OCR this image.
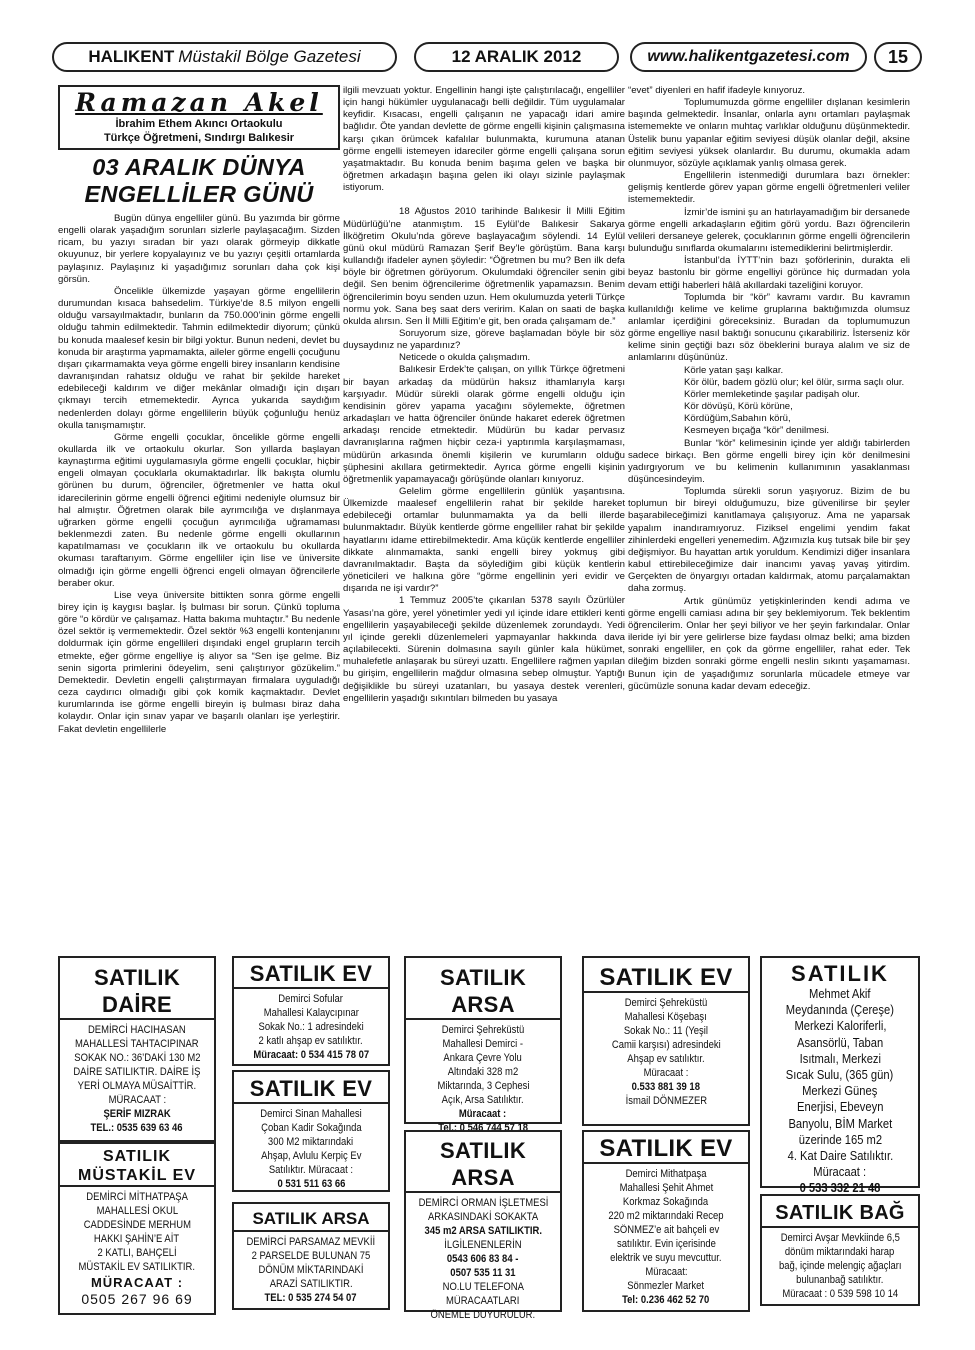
HALIKENT Müstakil Bölge Gazetesi	12 ARALIK 2012	www.halikentgazetesi.com	15
Ramazan Akel
İbrahim Ethem Akıncı Ortaokulu
Türkçe Öğretmeni, Sındırgı Balıkesir
03 ARALIK DÜNYA
ENGELLİLER GÜNÜ

Bugün dünya engelliler günü. Bu yazımda bir görme engelli olarak yaşadığım sorunları sizlerle paylaşacağım. Sizden ricam, bu yazıyı sıradan bir yazı olarak görmeyip dikkatle okuyunuz, bir yerlere kopyalayınız ve bu yazıyı çeşitli ortamlarda paylaşınız. Paylaşınız ki yaşadığımız sorunları daha çok kişi görsün.

Öncelikle ülkemizde yaşayan görme engellilerin durumundan kısaca bahsedelim. Türkiye’de 8.5 milyon engelli olduğu varsayılmaktadır, bunların da 750.000’inin görme engelli olduğu tahmin edilmektedir. Tahmin edilmektedir diyorum; çünkü bu konuda maalesef kesin bir bilgi yoktur. Bunun nedeni, devlet bu konuda bir araştırma yapmamakta, aileler görme engelli çocuğunu dışarı çıkarmamakta veya görme engelli birey insanların kendisine davranışından rahatsız olduğu ve rahat bir şekilde hareket edebileceği kaldırım ve diğer mekânlar olmadığı için dışarı çıkmayı tercih etmemektedir. Ayrıca yukarıda saydığım nedenlerden dolayı görme engellilerin büyük çoğunluğu henüz okulla tanışmamıştır.

Görme engelli çocuklar, öncelikle görme engelli okullarda ilk ve ortaokulu okurlar. Son yıllarda başlayan kaynaştırma eğitimi uygulamasıyla görme engelli çocuklar, hiçbir engeli olmayan çocuklarla okumaktadırlar. İlk bakışta olumlu görünen bu durum, öğrenciler, öğretmenler ve hatta okul idarecilerinin görme engelli öğrenci eğitimi nedeniyle olumsuz bir hal almıştır. Öğretmen olarak bile ayrımcılığa ve dışlanmaya uğrarken görme engelli çocuğun ayrımcılığa uğramaması beklenmezdi zaten. Bu nedenle görme engelli okullarının kapatılmaması ve çocukların ilk ve ortaokulu bu okullarda okuması taraftarıyım. Görme engelliler için lise ve üniversite olmadığı için görme engelli öğrenci engeli olmayan öğrencilerle beraber okur.

Lise veya üniversite bittikten sonra görme engelli birey için iş kaygısı başlar. İş bulması bir sorun. Çünkü topluma göre “o kördür ve çalışamaz. Hatta bakıma muhtaçtır.” Bu nedenle özel sektör iş vermemektedir. Özel sektör %3 engelli kontenjanını doldurmak için görme engellileri dışındaki engel grupların tercih etmekte, eğer görme engelliye iş alıyor sa “Sen işe gelme. Biz senin sigorta primlerini ödeyelim, seni çalıştırıyor gözükelim.” Demektedir. Devletin engelli çalıştırmayan firmalara uyguladığı ceza caydırıcı olmadığı gibi çok komik kaçmaktadır. Devlet kurumlarında ise görme engelli bireyin iş bulması biraz daha kolaydır. Onlar için sınav yapar ve başarılı olanları işe yerleştirir. Fakat devletin engellilerle

ilgili mevzuatı yoktur. Engellinin hangi işte çalıştırılacağı, engelliler için hangi hükümler uygulanacağı belli değildir. Tüm uygulamalar keyfidir. Kısacası, engelli çalışanın ne yapacağı idari amire bağlıdır. Öte yandan devlette de görme engelli kişinin çalışmasına karşı çıkan örümcek kafalılar bulunmakta, kurumuna atanan görme engelli istemeyen idareciler görme engelli çalışana sorun yaşatmaktadır. Bu konuda benim başıma gelen ve başka bir öğretmen arkadaşın başına gelen iki olayı sizinle paylaşmak istiyorum.

18 Ağustos 2010 tarihinde Balıkesir İl Milli Eğitim Müdürlüğü’ne atanmıştım. 15 Eylül’de Balıkesir Sakarya İlköğretim Okulu’nda göreve başlayacağım söylendi. 14 Eylül günü okul müdürü Ramazan Şerif Bey’le görüştüm. Bana karşı kullandığı ifadeler aynen şöyledir: “Öğretmen bu mu? Ben ilk defa böyle bir öğretmen görüyorum. Okulumdaki öğrenciler senin gibi değil. Sen benim öğrencilerime öğretmenlik yapamazsın. Benim öğrencilerimin boyu senden uzun. Hem okulumuzda yeterli Türkçe normu yok. Sana beş saat ders veririm. Kalan on saati de başka okulda alırsın. Sen İl Milli Eğitim’e git, ben orada çalışamam de.”

Soruyorum size, göreve başlamadan böyle bir söz duysaydınız ne yapardınız?

Neticede o okulda çalışmadım.

Balıkesir Erdek’te çalışan, on yıllık Türkçe öğretmeni bir bayan arkadaş da müdürün haksız ithamlarıyla karşı karşıyadır. Müdür sürekli olarak görme engelli olduğu için kendisinin görev yapama yacağını söylemekte, öğretmen arkadaşları ve hatta öğrenciler önünde hakaret ederek öğretmen arkadaşı rencide etmektedir. Müdürün bu kadar pervasız davranışlarına rağmen hiçbir ceza-i yaptırımla karşılaşmaması, müdürün arkasında önemli kişilerin ve kurumların olduğu şüphesini akıllara getirmektedir. Ayrıca görme engelli kişinin öğretmenlik yapamayacağı görüşünde olanları kınıyoruz.

Gelelim görme engellilerin günlük yaşantısına. Ülkemizde maalesef engellilerin rahat bir şekilde hareket edebileceği ortamlar bulunmamakta ya da belli illerde bulunmaktadır. Büyük kentlerde görme engelliler rahat bir şekilde hayatlarını idame ettirebilmektedir. Ama küçük kentlerde engelliler dikkate alınmamakta, sanki engelli birey yokmuş gibi davranılmaktadır. Başta da söylediğim gibi küçük kentlerin yöneticileri ve halkına göre “görme engellinin yeri evidir ve dışarıda ne işi vardır?”

1 Temmuz 2005’te çıkarılan 5378 sayılı Özürlüler Yasası’na göre, yerel yönetimler yedi yıl içinde idare ettikleri kenti engellilerin yaşayabileceği şekilde düzenlemek zorundaydı. Yedi yıl içinde gerekli düzenlemeleri yapmayanlar hakkında dava açılabilecekti. Sürenin dolmasına sayılı günler kala hükümet, muhalefetle anlaşarak bu süreyi uzattı. Engellilere rağmen yapılan bu girişim, engellilerin mağdur olmasına sebep olmuştur. Yaptığı değişiklikle bu süreyi uzatanları, bu yasaya destek verenleri, engellilerin yaşadığı sıkıntıları bilmeden bu yasaya

“evet” diyenleri en hafif ifadeyle kınıyoruz.

Toplumumuzda görme engelliler dışlanan kesimlerin başında gelmektedir. İnsanlar, onlarla aynı ortamları paylaşmak istememekte ve onların muhtaç varlıklar olduğunu düşünmektedir. Üstelik bunu yapanlar eğitim seviyesi düşük olanlar değil, aksine eğitim seviyesi yüksek olanlardır. Bu durumu, okumakla adam olunmuyor, sözüyle açıklamak yanlış olmasa gerek.

Engellilerin istenmediği durumlara bazı örnekler: gelişmiş kentlerde görev yapan görme engelli öğretmenleri veliler istememektedir.

İzmir’de ismini şu an hatırlayamadığım bir dersanede görme engelli arkadaşların eğitim görü yordu. Bazı öğrencilerin velileri dersaneye gelerek, çocuklarının görme engelli öğrencilerin bulunduğu sınıflarda okumalarını istemediklerini belirtmişlerdir.

İstanbul’da İYTT’nin bazı şoförlerinin, durakta eli beyaz bastonlu bir görme engelliyi görünce hiç durmadan yola devam ettiği haberleri hâlâ akıllardaki tazeliğini koruyor.

Toplumda bir “kör” kavramı vardır. Bu kavramın kullanıldığı kelime ve kelime gruplarına baktığımızda olumsuz anlamlar içerdiğini göreceksiniz. Buradan da toplumumuzun görme engelliye nasıl baktığı sonucunu çıkarabiliriz. İsterseniz kör kelime sinin geçtiği bazı söz öbeklerini buraya alalım ve siz de anlamlarını düşününüz.

Körle yatan şaşı kalkar.

Kör ölür, badem gözlü olur; kel ölür, sırma saçlı olur.

Körler memleketinde şaşılar padişah olur.

Kör dövüşü, Körü körüne,

Kördüğüm,Sabahın körü,

Kesmeyen bıçağa “kör” denilmesi.

Bunlar “kör” kelimesinin içinde yer aldığı tabirlerden sadece birkaçı. Ben görme engelli birey için kör denilmesini yadırgıyorum ve bu kelimenin kullanımının yasaklanması düşüncesindeyim.

Toplumda sürekli sorun yaşıyoruz. Bizim de bu toplumun bir bireyi olduğumuzu, bize güvenilirse bir şeyler başarabileceğimizi kanıtlamaya çalışıyoruz. Ama ne yaparsak yapalım inandıramıyoruz. Fiziksel engelimi yendim fakat zihinlerdeki engelleri yenemedim. Ağzımızla kuş tutsak bile bir şey değişmiyor. Bu hayattan artık yoruldum. Kendimizi diğer insanlara kabul ettirebileceğimize dair inancımı yavaş yavaş yitirdim. Gerçekten de önyargıyı ortadan kaldırmak, atomu parçalamaktan daha zormuş.

Artık günümüz yetişkinlerinden kendi adıma ve görme engelli camiası adına bir şey beklemiyorum. Tek beklentim öğrencilerim. Onlar her şeyi biliyor ve her şeyin farkındalar. Onlar ileride iyi bir yere gelirlerse bize faydası olmaz belki; ama bizden sonraki engelliler, en çok da görme engelliler, rahat eder. Tek dileğim bizden sonraki görme engelli neslin sıkıntı yaşamaması. Bunun için de yaşadığımız sorunlarla mücadele etmeye var gücümüzle sonuna kadar devam edeceğiz.

SATILIK DAİRE
DEMİRCİ HACIHASAN
MAHALLESİ TAHTACIPINAR
SOKAK NO.: 36’DAKİ 130 M2
DAİRE SATILIKTIR. DAİRE İŞ
YERİ OLMAYA MÜSAİTTİR.
MÜRACAAT :
ŞERİF MIZRAK
TEL.: 0535 639 63 46
SATILIK
MÜSTAKİL EV
DEMİRCİ MİTHATPAŞA
MAHALLESİ OKUL
CADDESİNDE MERHUM
HAKKI ŞAHİN’E AİT
2 KATLI, BAHÇELİ
MÜSTAKİL EV SATILIKTIR.
MÜRACAAT :
0505 267 96 69
SATILIK EV
Demirci Sofular
Mahallesi Kalaycıpınar
Sokak No.: 1 adresindeki
2 katlı ahşap ev satılıktır.
Müracaat: 0 534 415 78 07
SATILIK EV
Demirci Sinan Mahallesi
Çoban Kadir Sokağında
300 M2 miktarındaki
Ahşap, Avlulu Kerpiç Ev
Satılıktır. Müracaat :
0 531 511 63 66
SATILIK ARSA
DEMİRCİ PARSAMAZ MEVKİİ
2 PARSELDE BULUNAN 75
DÖNÜM MİKTARINDAKİ
ARAZİ SATILIKTIR.
TEL: 0 535 274 54 07
SATILIK ARSA
Demirci Şehreküstü
Mahallesi Demirci -
Ankara Çevre Yolu
Altındaki 328 m2
Miktarında, 3 Cephesi
Açık, Arsa Satılıktır.
Müracaat :
Tel.: 0 546 744 57 18
SATILIK ARSA
DEMİRCİ ORMAN İŞLETMESİ
ARKASINDAKİ SOKAKTA
345 m2 ARSA SATILIKTIR.
İLGİLENENLERİN
0543 606 83 84 -
0507 535 11 31
NO.LU TELEFONA
MÜRACAATLARI
ÖNEMLE DUYURULUR.
SATILIK EV
Demirci Şehreküstü
Mahallesi Köşebaşı
Sokak No.: 11 (Yeşil
Camii karşısı) adresindeki
Ahşap ev satılıktır.
Müracaat :
0.533 881 39 18
İsmail DÖNMEZER
SATILIK EV
Demirci Mithatpaşa
Mahallesi Şehit Ahmet
Korkmaz Sokağında
220 m2 miktarındaki Recep
SÖNMEZ’e ait bahçeli ev
satılıktır. Evin içerisinde
elektrik ve suyu mevcuttur.
Müracaat:
Sönmezler Market
Tel: 0.236 462 52 70
SATILIK
Mehmet Akif
Meydanında (Çereşe)
Merkezi Kaloriferli,
Asansörlü, Taban
Isıtmalı, Merkezi
Sıcak Sulu, (365 gün)
Merkezi Güneş
Enerjisi, Ebeveyn
Banyolu, BİM Market
üzerinde 165 m2
4. Kat Daire Satılıktır.
Müracaat :
0 533 332 21 48
SATILIK BAĞ
Demirci Avşar Mevkiinde 6,5
dönüm miktarındaki harap
bağ, içinde melengiç ağaçları
bulunanbağ satılıktır.
Müracaat : 0 539 598 10 14
